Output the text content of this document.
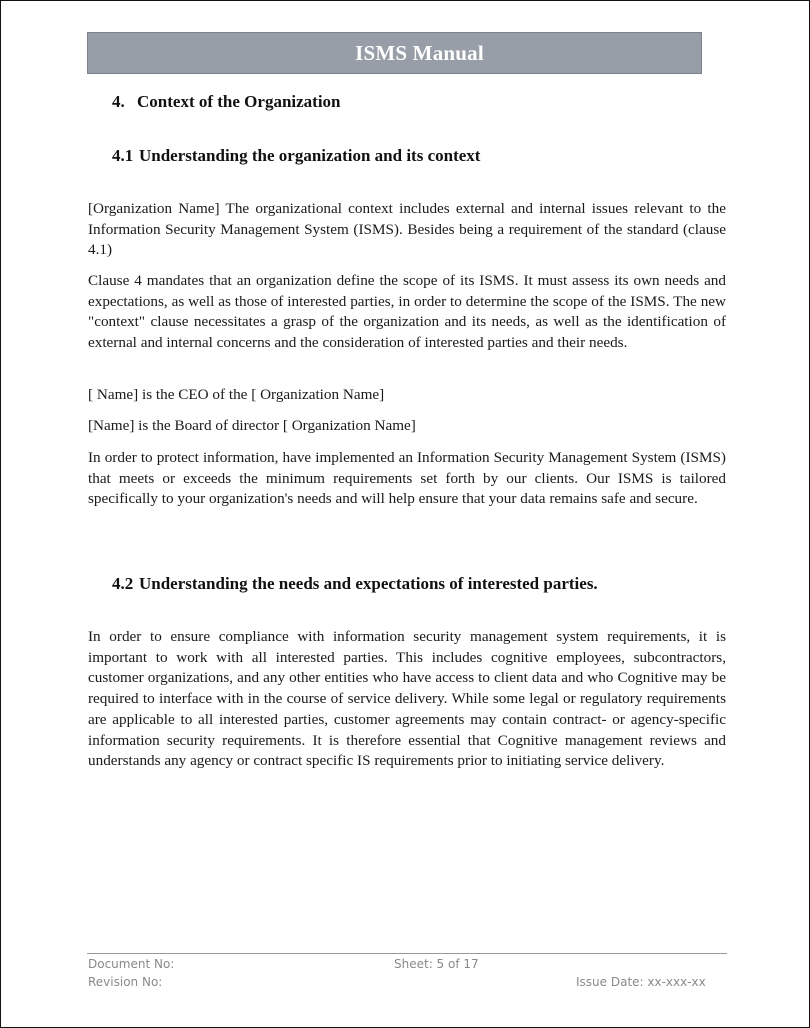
ISMS Manual
4. Context of the Organization
4.1 Understanding the organization and its context

[Organization Name] The organizational context includes external and internal issues relevant to the Information Security Management System (ISMS). Besides being a requirement of the standard (clause 4.1)

Clause 4 mandates that an organization define the scope of its ISMS. It must assess its own needs and expectations, as well as those of interested parties, in order to determine the scope of the ISMS. The new "context" clause necessitates a grasp of the organization and its needs, as well as the identification of external and internal concerns and the consideration of interested parties and their needs.

[ Name] is the CEO of the [ Organization Name]

[Name] is the Board of director [ Organization Name]

In order to protect information, have implemented an Information Security Management System (ISMS) that meets or exceeds the minimum requirements set forth by our clients. Our ISMS is tailored specifically to your organization's needs and will help ensure that your data remains safe and secure.

4.2 Understanding the needs and expectations of interested parties.

In order to ensure compliance with information security management system requirements, it is important to work with all interested parties. This includes cognitive employees, subcontractors, customer organizations, and any other entities who have access to client data and who Cognitive may be required to interface with in the course of service delivery. While some legal or regulatory requirements are applicable to all interested parties, customer agreements may contain contract- or agency-specific information security requirements. It is therefore essential that Cognitive management reviews and understands any agency or contract specific IS requirements prior to initiating service delivery.

Document No:	Sheet: 5 of 17
Revision No:	Issue Date: xx-xxx-xx
